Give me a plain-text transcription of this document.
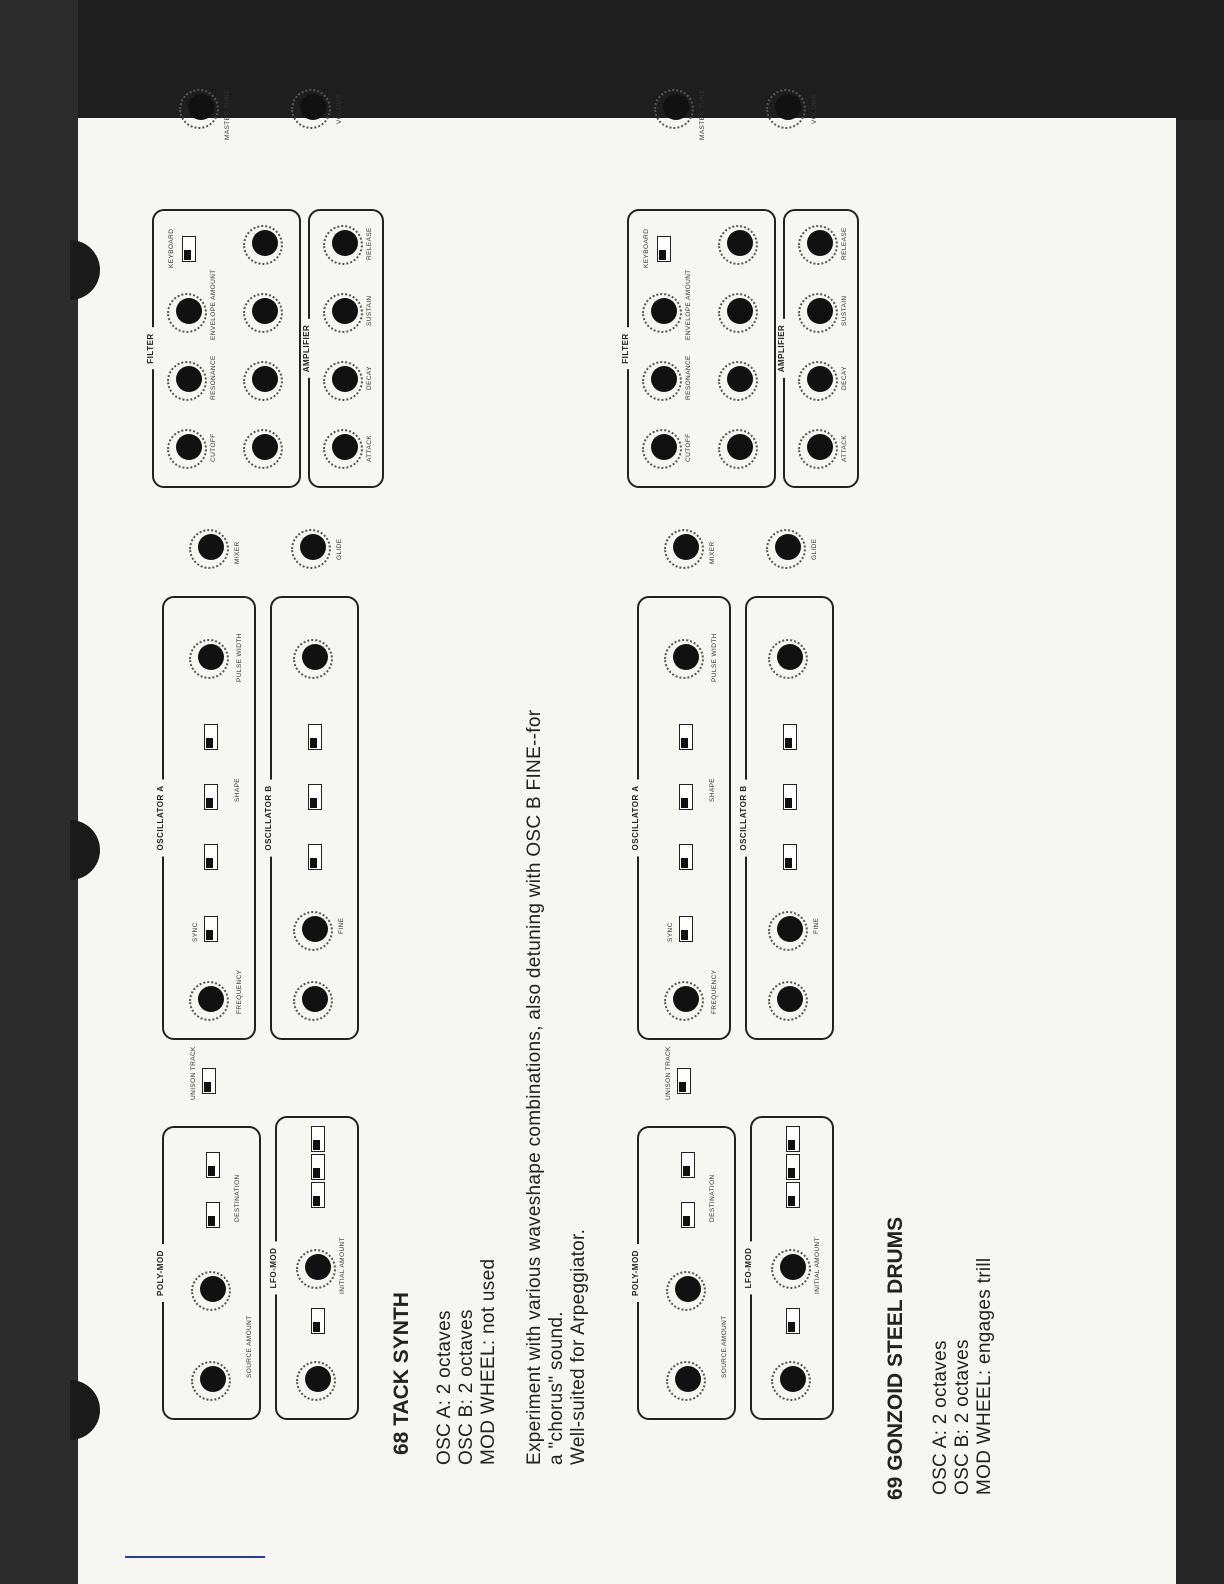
POLY-MOD
SOURCE AMOUNT
DESTINATION
LFO-MOD	INITIAL AMOUNT
UNISON TRACK
OSCILLATOR A
FREQUENCY
SYNC
SHAPE
PULSE WIDTH
OSCILLATOR B
FINE
MIXER	GLIDE
FILTER
CUTOFF
RESONANCE
ENVELOPE AMOUNT
KEYBOARD
AMPLIFIER
ATTACK
DECAY
SUSTAIN
RELEASE
MASTER TUNE	VOLUME
POLY-MOD
SOURCE AMOUNT
DESTINATION
LFO-MOD	INITIAL AMOUNT
UNISON TRACK
OSCILLATOR A
FREQUENCY
SYNC
SHAPE
PULSE WIDTH
OSCILLATOR B
FINE
MIXER	GLIDE
FILTER
CUTOFF
RESONANCE
ENVELOPE AMOUNT
KEYBOARD
AMPLIFIER
ATTACK
DECAY
SUSTAIN
RELEASE
MASTER TUNE	VOLUME
68 TACK SYNTH OSC A: 2 octaves OSC B: 2 octaves MOD WHEEL: not used Experiment with various waveshape combinations, also detuning with OSC B FINE--for a "chorus" sound. Well-suited for Arpeggiator.	69 GONZOID STEEL DRUMS OSC A: 2 octaves OSC B: 2 octaves MOD WHEEL: engages trill
